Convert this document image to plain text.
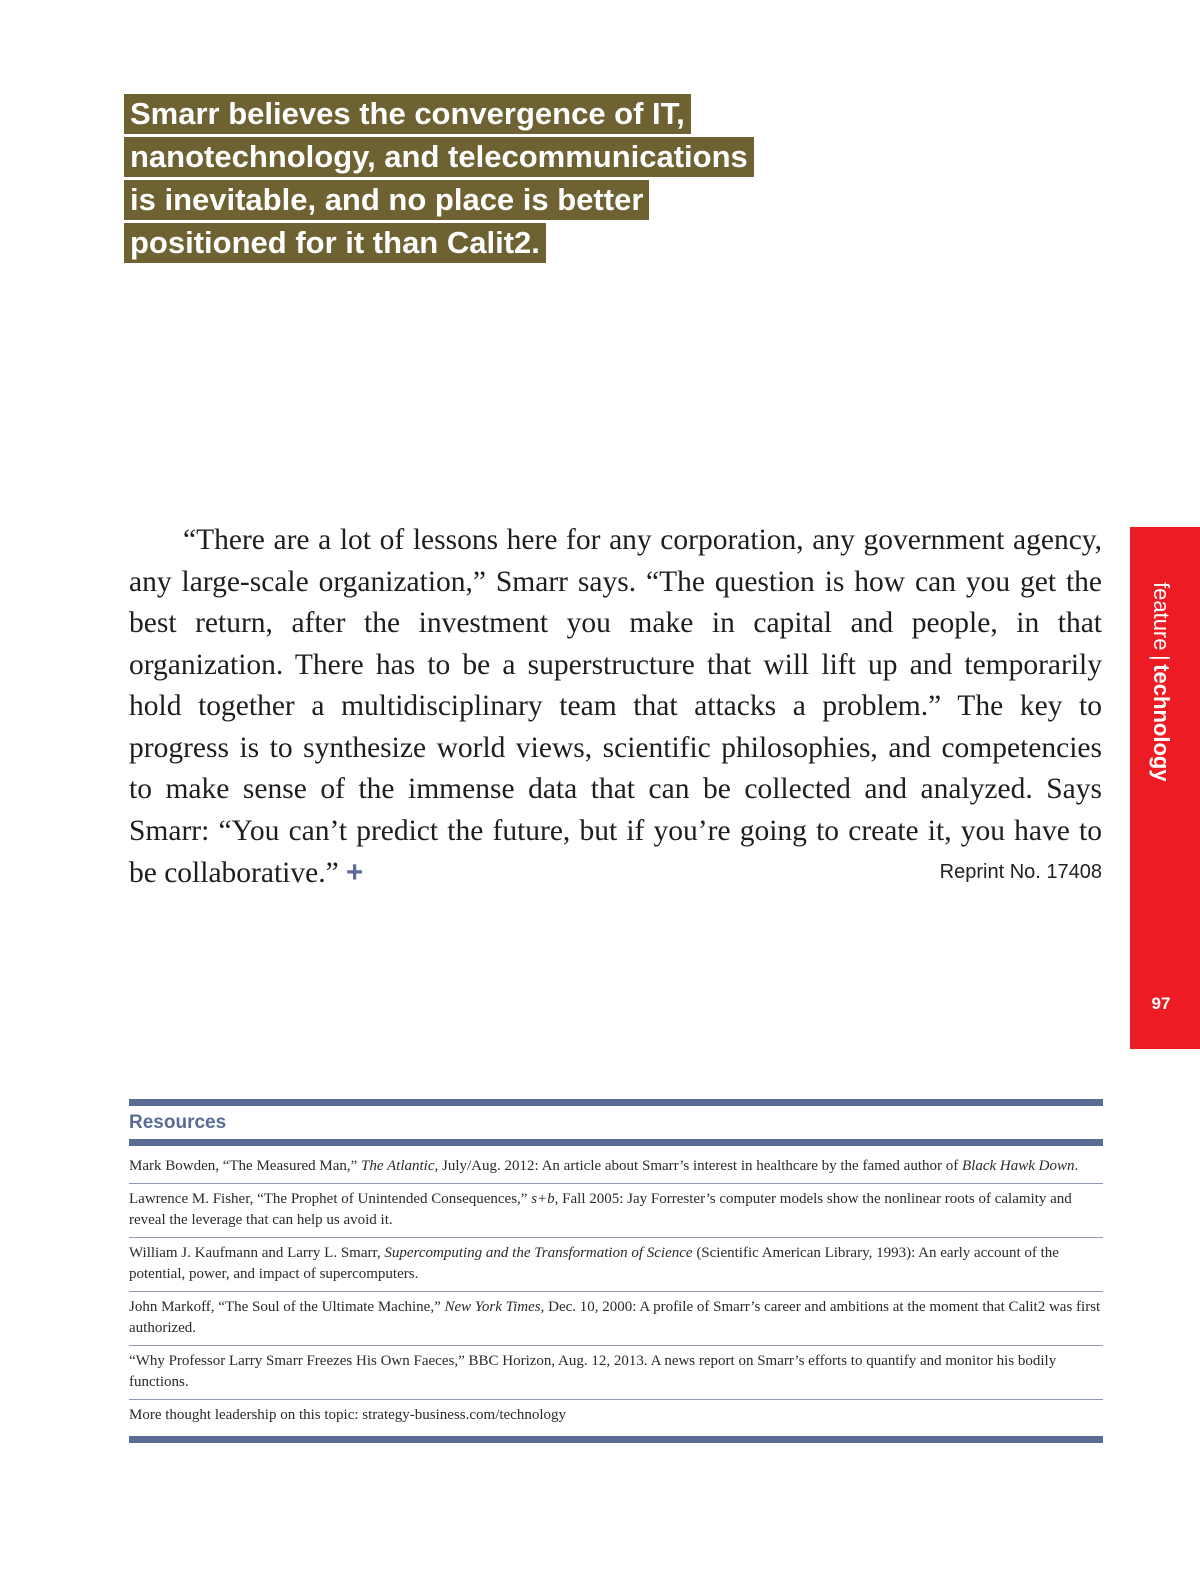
Smarr believes the convergence of IT,
nanotechnology, and telecommunications
is inevitable, and no place is better
positioned for it than Calit2.

“There are a lot of lessons here for any corporation, any government agency, any large-scale organization,” Smarr says. “The question is how can you get the best return, after the investment you make in capital and people, in that organization. There has to be a superstructure that will lift up and temporarily hold together a multidisciplinary team that attacks a problem.” The key to progress is to synthesize world views, scientific philosophies, and competencies to make sense of the immense data that can be collected and analyzed. Says Smarr: “You can’t predict the future, but if you’re going to create it, you have to be collaborative.” +	Reprint No. 17408
feature|technology
97
Resources
Mark Bowden, “The Measured Man,” The Atlantic, July/Aug. 2012: An article about Smarr’s interest in healthcare by the famed author of Black Hawk Down.
Lawrence M. Fisher, “The Prophet of Unintended Consequences,” s+b, Fall 2005: Jay Forrester’s computer models show the nonlinear roots of calamity and reveal the leverage that can help us avoid it.
William J. Kaufmann and Larry L. Smarr, Supercomputing and the Transformation of Science (Scientific American Library, 1993): An early account of the potential, power, and impact of supercomputers.
John Markoff, “The Soul of the Ultimate Machine,” New York Times, Dec. 10, 2000: A profile of Smarr’s career and ambitions at the moment that Calit2 was first authorized.
“Why Professor Larry Smarr Freezes His Own Faeces,” BBC Horizon, Aug. 12, 2013. A news report on Smarr’s efforts to quantify and monitor his bodily functions.
More thought leadership on this topic: strategy-business.com/technology
